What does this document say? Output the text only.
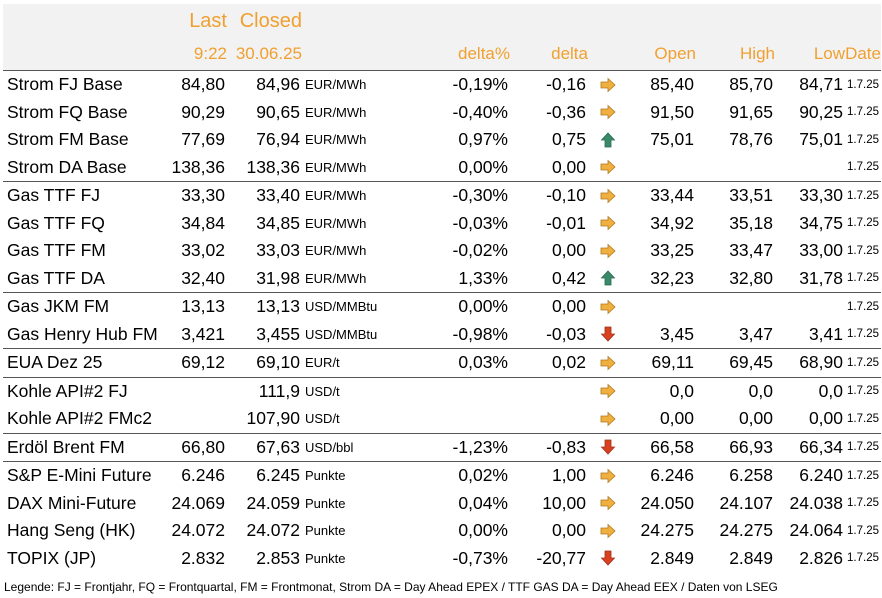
	Last	Closed								
	9:22	30.06.25		delta%	delta		Open	High	Low	Date
Strom FJ Base	84,80	84,96	EUR/MWh	-0,19%	-0,16		85,40	85,70	84,71	1.7.25
Strom FQ Base	90,29	90,65	EUR/MWh	-0,40%	-0,36		91,50	91,65	90,25	1.7.25
Strom FM Base	77,69	76,94	EUR/MWh	0,97%	0,75		75,01	78,76	75,01	1.7.25
Strom DA Base	138,36	138,36	EUR/MWh	0,00%	0,00					1.7.25
Gas TTF FJ	33,30	33,40	EUR/MWh	-0,30%	-0,10		33,44	33,51	33,30	1.7.25
Gas TTF FQ	34,84	34,85	EUR/MWh	-0,03%	-0,01		34,92	35,18	34,75	1.7.25
Gas TTF FM	33,02	33,03	EUR/MWh	-0,02%	0,00		33,25	33,47	33,00	1.7.25
Gas TTF DA	32,40	31,98	EUR/MWh	1,33%	0,42		32,23	32,80	31,78	1.7.25
Gas JKM FM	13,13	13,13	USD/MMBtu	0,00%	0,00					1.7.25
Gas Henry Hub FM	3,421	3,455	USD/MMBtu	-0,98%	-0,03		3,45	3,47	3,41	1.7.25
EUA Dez 25	69,12	69,10	EUR/t	0,03%	0,02		69,11	69,45	68,90	1.7.25
Kohle API#2 FJ		111,9	USD/t				0,0	0,0	0,0	1.7.25
Kohle API#2 FMc2		107,90	USD/t				0,00	0,00	0,00	1.7.25
Erdöl Brent FM	66,80	67,63	USD/bbl	-1,23%	-0,83		66,58	66,93	66,34	1.7.25
S&P E-Mini Future	6.246	6.245	Punkte	0,02%	1,00		6.246	6.258	6.240	1.7.25
DAX Mini-Future	24.069	24.059	Punkte	0,04%	10,00		24.050	24.107	24.038	1.7.25
Hang Seng (HK)	24.072	24.072	Punkte	0,00%	0,00		24.275	24.275	24.064	1.7.25
TOPIX (JP)	2.832	2.853	Punkte	-0,73%	-20,77		2.849	2.849	2.826	1.7.25
Legende: FJ = Frontjahr, FQ = Frontquartal, FM = Frontmonat, Strom DA = Day Ahead EPEX / TTF GAS DA = Day Ahead EEX / Daten von LSEG
